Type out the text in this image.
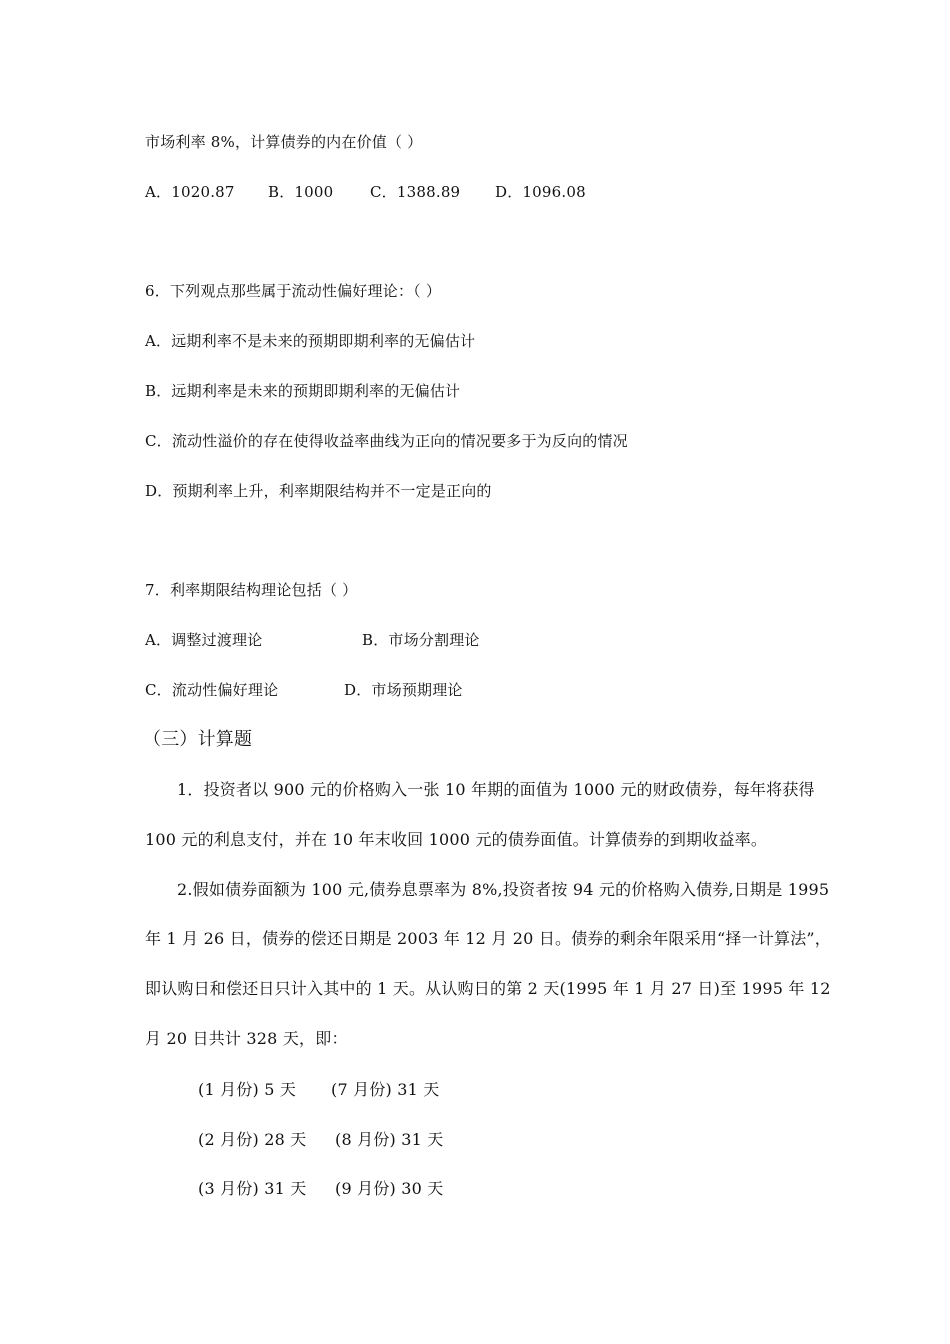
市场利率 8%，计算债券的内在价值（ ）
A．1020.87 B．1000 C．1388.89 D．1096.08
6．下列观点那些属于流动性偏好理论：（ ）
A．远期利率不是未来的预期即期利率的无偏估计
B．远期利率是未来的预期即期利率的无偏估计
C．流动性溢价的存在使得收益率曲线为正向的情况要多于为反向的情况
D．预期利率上升，利率期限结构并不一定是正向的
7．利率期限结构理论包括（ ）
A．调整过渡理论	B．市场分割理论
C．流动性偏好理论	D．市场预期理论
（三）计算题
1．投资者以 900 元的价格购入一张 10 年期的面值为 1000 元的财政债券，每年将获得
100 元的利息支付，并在 10 年末收回 1000 元的债券面值。计算债券的到期收益率。
2.假如债券面额为 100 元,债券息票率为 8%,投资者按 94 元的价格购入债券,日期是 1995
年 1 月 26 日，债券的偿还日期是 2003 年 12 月 20 日。债券的剩余年限采用“择一计算法”，
即认购日和偿还日只计入其中的 1 天。从认购日的第 2 天(1995 年 1 月 27 日)至 1995 年 12
月 20 日共计 328 天，即：
(1 月份) 5 天 (7 月份) 31 天
(2 月份) 28 天 (8 月份) 31 天
(3 月份) 31 天 (9 月份) 30 天
